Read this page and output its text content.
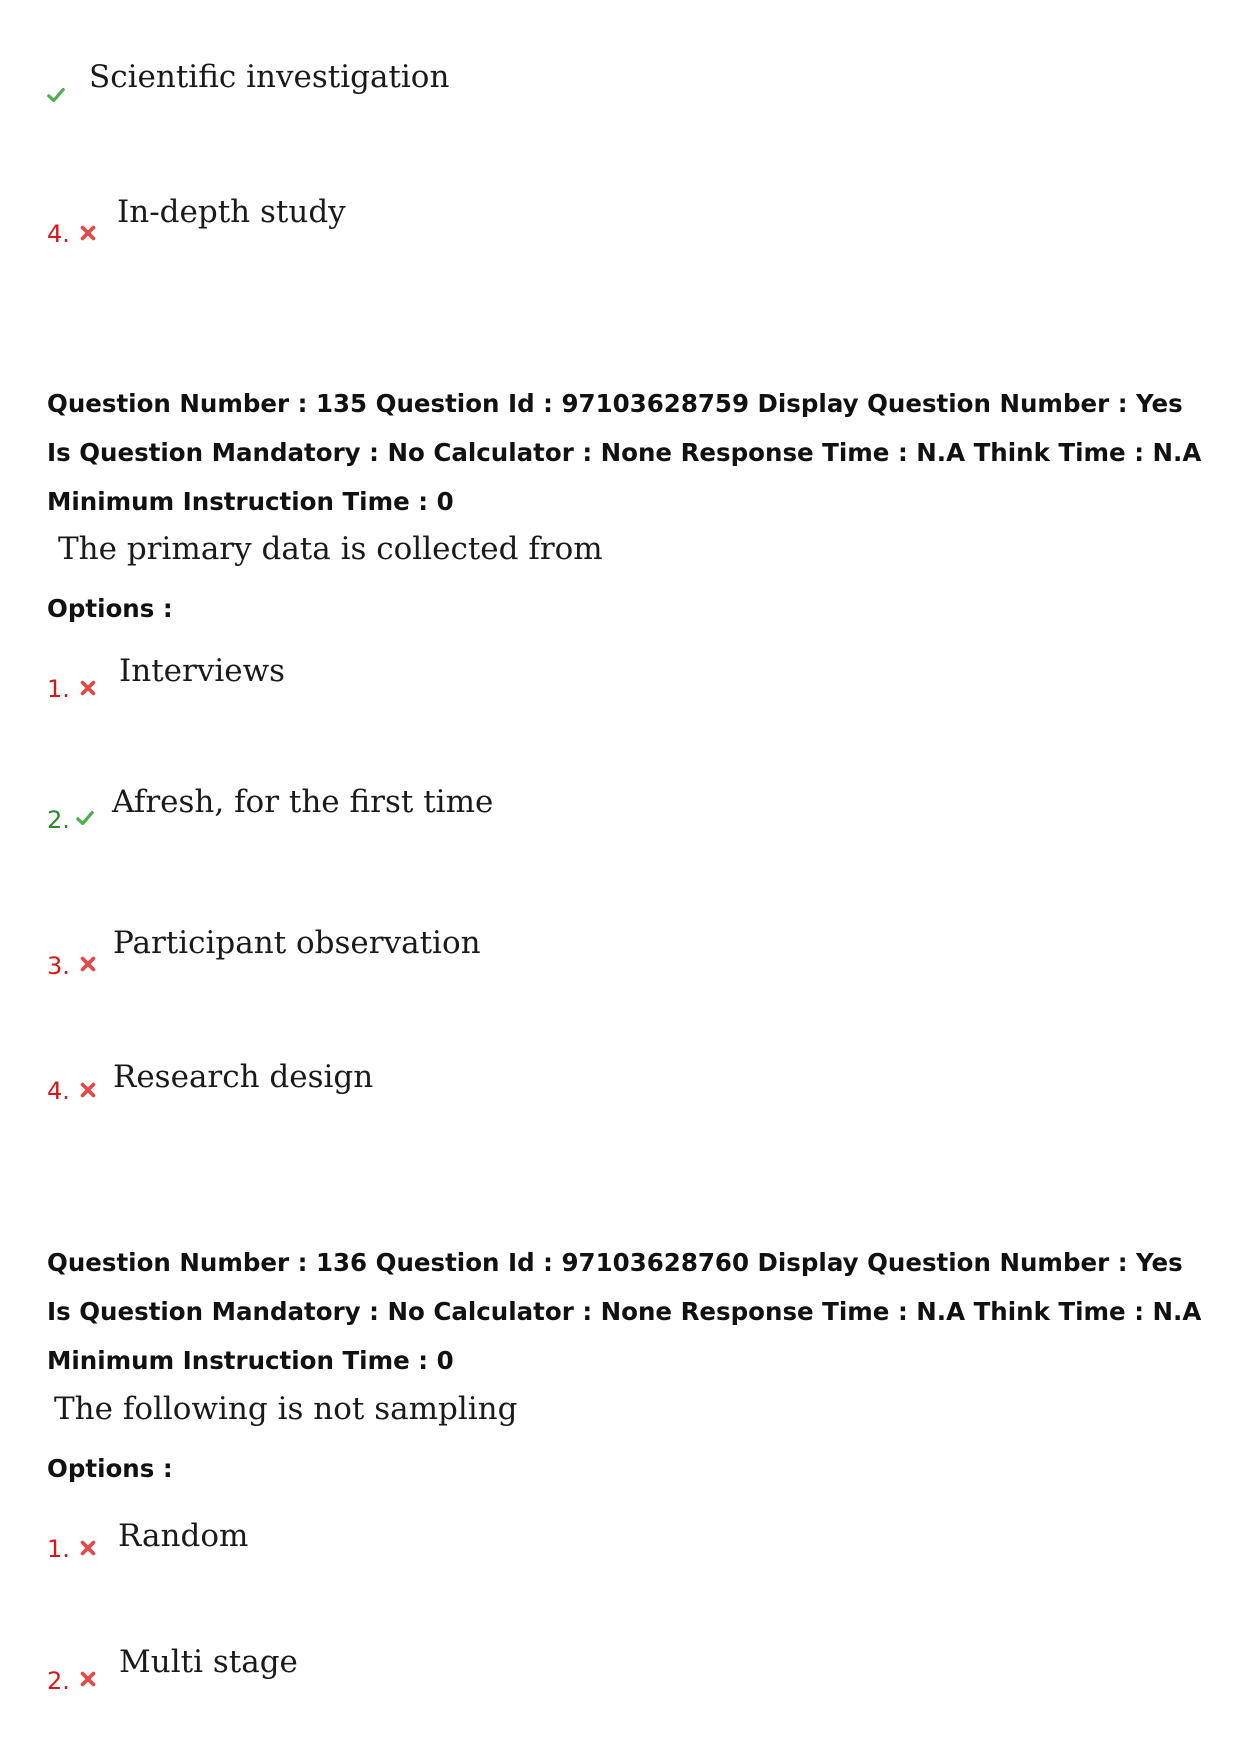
Scientific investigation
4.
In-depth study
Question Number : 135 Question Id : 97103628759 Display Question Number : Yes Is Question Mandatory : No Calculator : None Response Time : N.A Think Time : N.A Minimum Instruction Time : 0
The primary data is collected from
Options :
1. Interviews
2. Afresh, for the first time
3.
Participant observation
4. Research design
Question Number : 136 Question Id : 97103628760 Display Question Number : Yes Is Question Mandatory : No Calculator : None Response Time : N.A Think Time : N.A Minimum Instruction Time : 0
The following is not sampling
Options :
1. Random
2.
Multi stage
